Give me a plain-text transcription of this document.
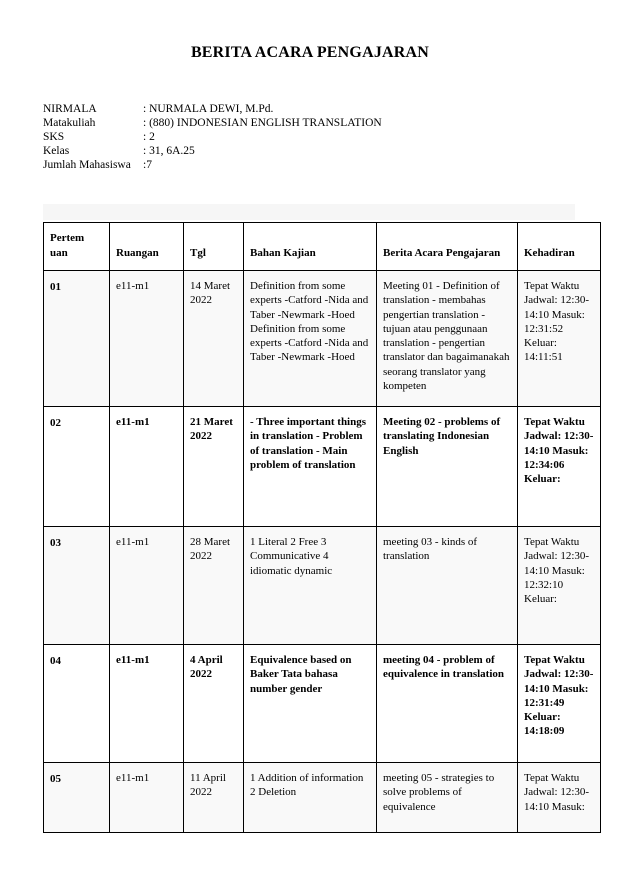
BERITA ACARA PENGAJARAN
NIRMALA	: NURMALA DEWI, M.Pd.
Matakuliah	: (880) INDONESIAN ENGLISH TRANSLATION
SKS	: 2
Kelas	: 31, 6A.25
Jumlah Mahasiswa	:7
Pertem uan	Ruangan	Tgl	Bahan Kajian	Berita Acara Pengajaran	Kehadiran
01	e11-m1	14 Maret 2022	Definition from some experts -Catford -Nida and Taber -Newmark -Hoed Definition from some experts -Catford -Nida and Taber -Newmark -Hoed	Meeting 01 - Definition of translation - membahas pengertian translation - tujuan atau penggunaan translation - pengertian translator dan bagaimanakah seorang translator yang kompeten	Tepat Waktu Jadwal: 12:30-14:10 Masuk: 12:31:52 Keluar: 14:11:51
02	e11-m1	21 Maret 2022	- Three important things in translation - Problem of translation - Main problem of translation	Meeting 02 - problems of translating Indonesian English	Tepat Waktu Jadwal: 12:30-14:10 Masuk: 12:34:06 Keluar:
03	e11-m1	28 Maret 2022	1 Literal 2 Free 3 Communicative 4 idiomatic dynamic	meeting 03 - kinds of translation	Tepat Waktu Jadwal: 12:30-14:10 Masuk: 12:32:10 Keluar:
04	e11-m1	4 April 2022	Equivalence based on Baker Tata bahasa number gender	meeting 04 - problem of equivalence in translation	Tepat Waktu Jadwal: 12:30-14:10 Masuk: 12:31:49 Keluar: 14:18:09
05	e11-m1	11 April 2022	1 Addition of information 2 Deletion	meeting 05 - strategies to solve problems of equivalence	Tepat Waktu Jadwal: 12:30-14:10 Masuk:
